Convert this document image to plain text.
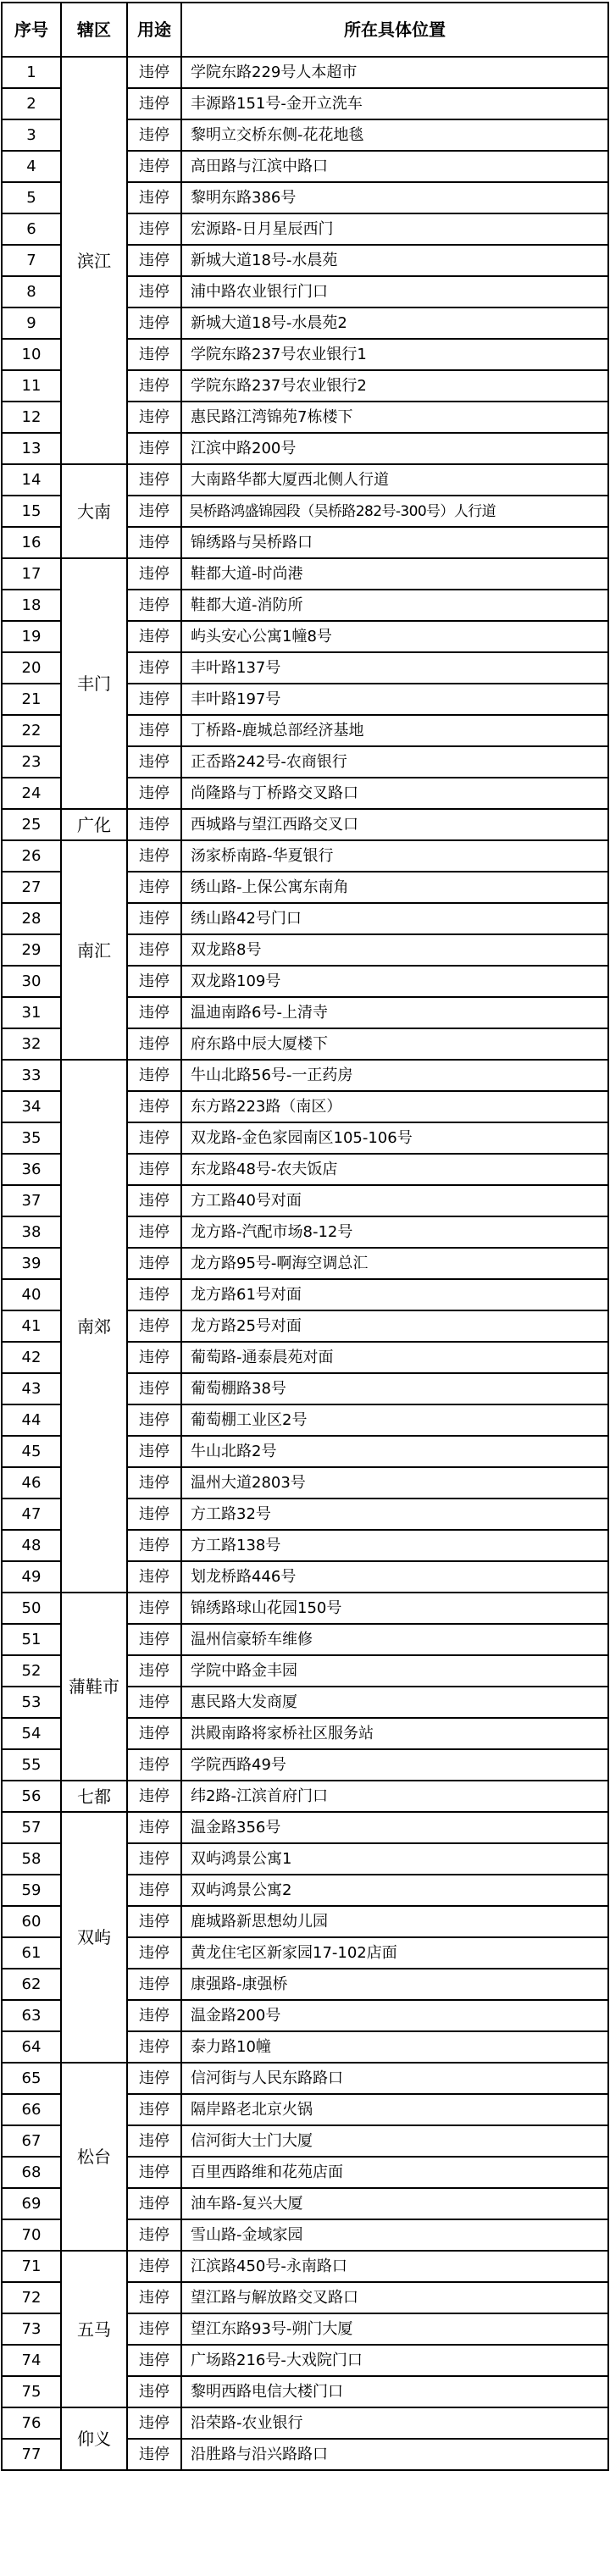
序号	辖区	用途	所在具体位置
1	滨江	违停	学院东路229号人本超市
2		违停	丰源路151号-金开立洗车
3		违停	黎明立交桥东侧-花花地毯
4		违停	高田路与江滨中路口
5		违停	黎明东路386号
6		违停	宏源路-日月星辰西门
7		违停	新城大道18号-水晨苑
8		违停	浦中路农业银行门口
9		违停	新城大道18号-水晨苑2
10		违停	学院东路237号农业银行1
11		违停	学院东路237号农业银行2
12		违停	惠民路江湾锦苑7栋楼下
13		违停	江滨中路200号
14	大南	违停	大南路华都大厦西北侧人行道
15		违停	吴桥路鸿盛锦园段（吴桥路282号-300号）人行道
16		违停	锦绣路与吴桥路口
17	丰门	违停	鞋都大道-时尚港
18		违停	鞋都大道-消防所
19		违停	屿头安心公寓1幢8号
20		违停	丰叶路137号
21		违停	丰叶路197号
22		违停	丁桥路-鹿城总部经济基地
23		违停	正岙路242号-农商银行
24		违停	尚隆路与丁桥路交叉路口
25	广化	违停	西城路与望江西路交叉口
26	南汇	违停	汤家桥南路-华夏银行
27		违停	绣山路-上保公寓东南角
28		违停	绣山路42号门口
29		违停	双龙路8号
30		违停	双龙路109号
31		违停	温迪南路6号-上清寺
32		违停	府东路中辰大厦楼下
33	南郊	违停	牛山北路56号-一正药房
34		违停	东方路223路（南区）
35		违停	双龙路-金色家园南区105-106号
36		违停	东龙路48号-农夫饭店
37		违停	方工路40号对面
38		违停	龙方路-汽配市场8-12号
39		违停	龙方路95号-啊海空调总汇
40		违停	龙方路61号对面
41		违停	龙方路25号对面
42		违停	葡萄路-通泰晨苑对面
43		违停	葡萄棚路38号
44		违停	葡萄棚工业区2号
45		违停	牛山北路2号
46		违停	温州大道2803号
47		违停	方工路32号
48		违停	方工路138号
49		违停	划龙桥路446号
50	蒲鞋市	违停	锦绣路球山花园150号
51		违停	温州信豪轿车维修
52		违停	学院中路金丰园
53		违停	惠民路大发商厦
54		违停	洪殿南路将家桥社区服务站
55		违停	学院西路49号
56	七都	违停	纬2路-江滨首府门口
57	双屿	违停	温金路356号
58		违停	双屿鸿景公寓1
59		违停	双屿鸿景公寓2
60		违停	鹿城路新思想幼儿园
61		违停	黄龙住宅区新家园17-102店面
62		违停	康强路-康强桥
63		违停	温金路200号
64		违停	泰力路10幢
65	松台	违停	信河街与人民东路路口
66		违停	隔岸路老北京火锅
67		违停	信河街大士门大厦
68		违停	百里西路维和花苑店面
69		违停	油车路-复兴大厦
70		违停	雪山路-金域家园
71	五马	违停	江滨路450号-永南路口
72		违停	望江路与解放路交叉路口
73		违停	望江东路93号-朔门大厦
74		违停	广场路216号-大戏院门口
75		违停	黎明西路电信大楼门口
76	仰义	违停	沿荣路-农业银行
77		违停	沿胜路与沿兴路路口
